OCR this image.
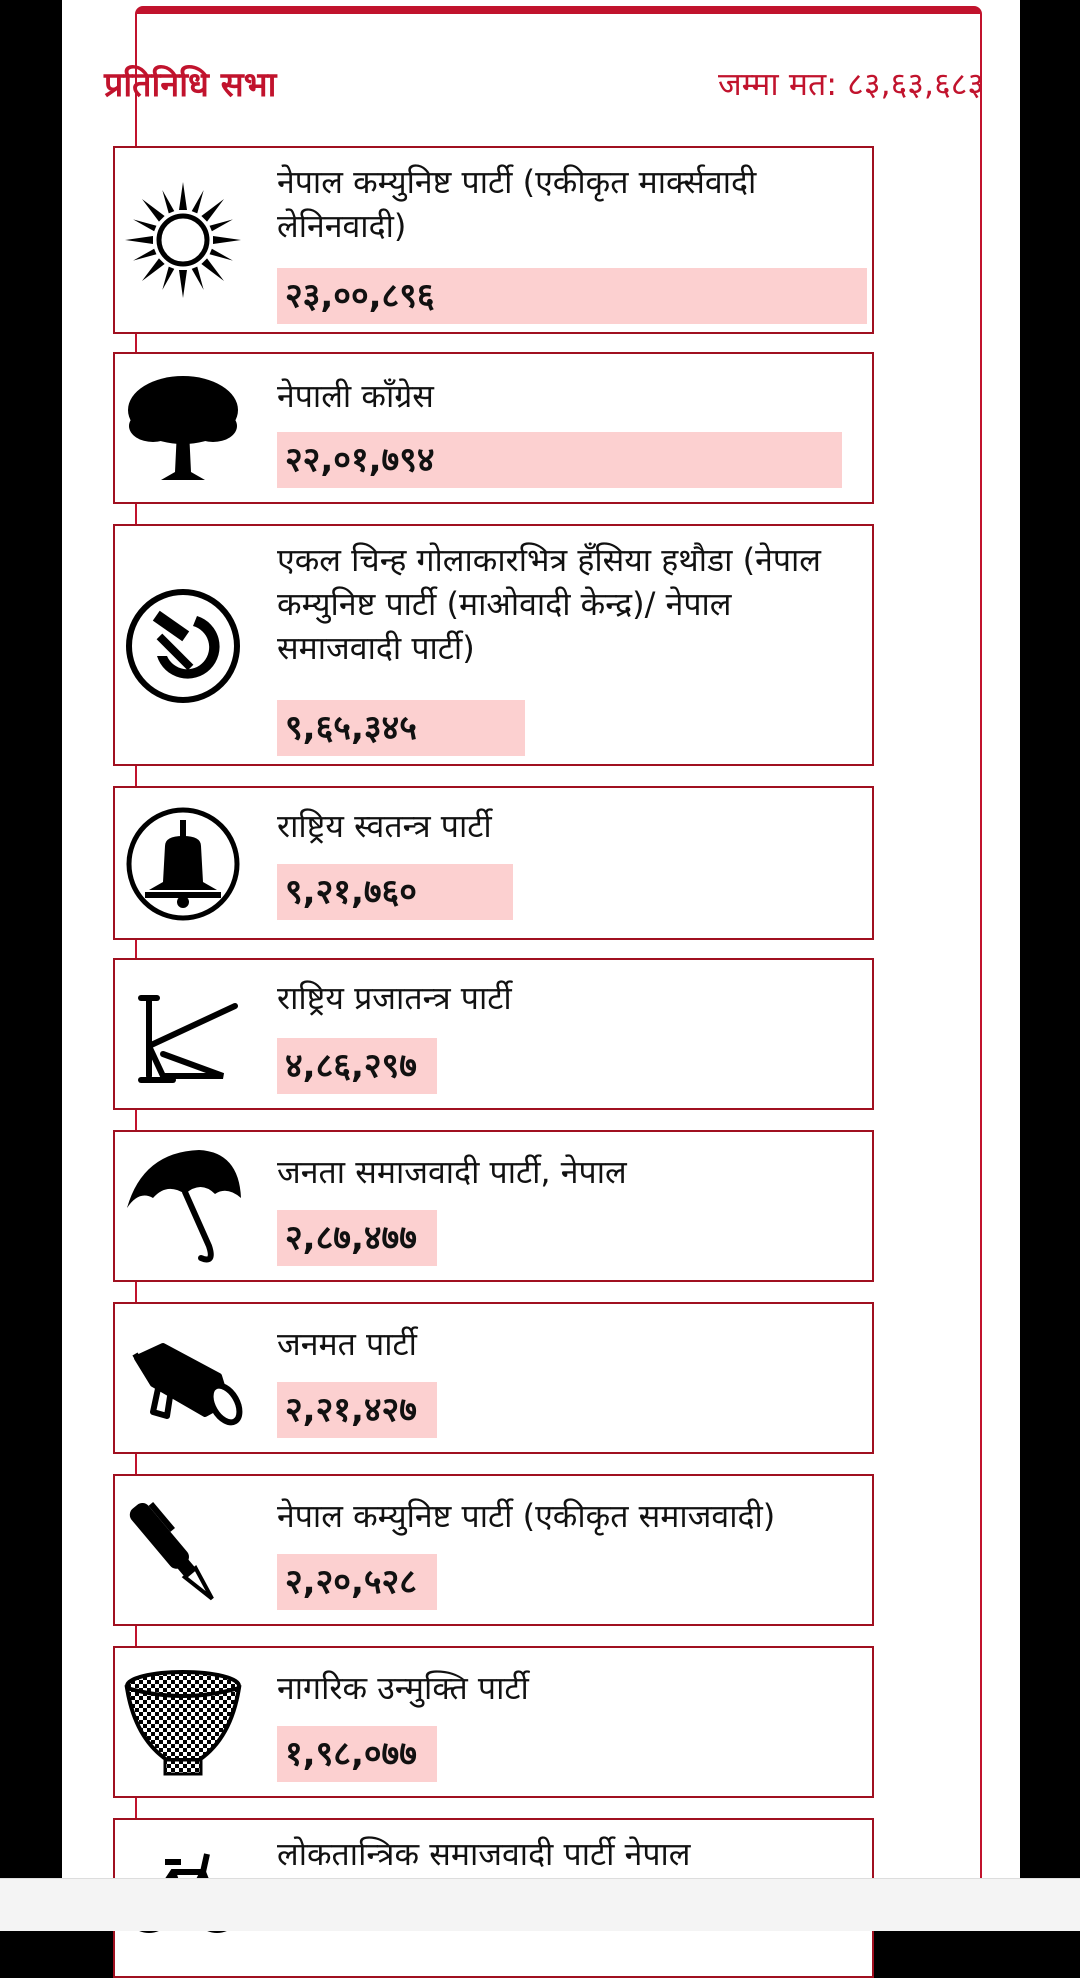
प्रतिनिधि सभा	जम्मा मत: ८३,६३,६८३
नेपाल कम्युनिष्ट पार्टी (एकीकृत मार्क्सवादी लेनिनवादी)
२३,००,८९६
नेपाली काँग्रेस
२२,०१,७९४
एकल चिन्ह गोलाकारभित्र हँसिया हथौडा (नेपाल कम्युनिष्ट पार्टी (माओवादी केन्द्र)/ नेपाल समाजवादी पार्टी)
९,६५,३४५
राष्ट्रिय स्वतन्त्र पार्टी
९,२१,७६०
राष्ट्रिय प्रजातन्त्र पार्टी
४,८६,२९७
जनता समाजवादी पार्टी, नेपाल
२,८७,४७७
जनमत पार्टी
२,२१,४२७
नेपाल कम्युनिष्ट पार्टी (एकीकृत समाजवादी)
२,२०,५२८
नागरिक उन्मुक्ति पार्टी
१,९८,०७७
लोकतान्त्रिक समाजवादी पार्टी नेपाल
